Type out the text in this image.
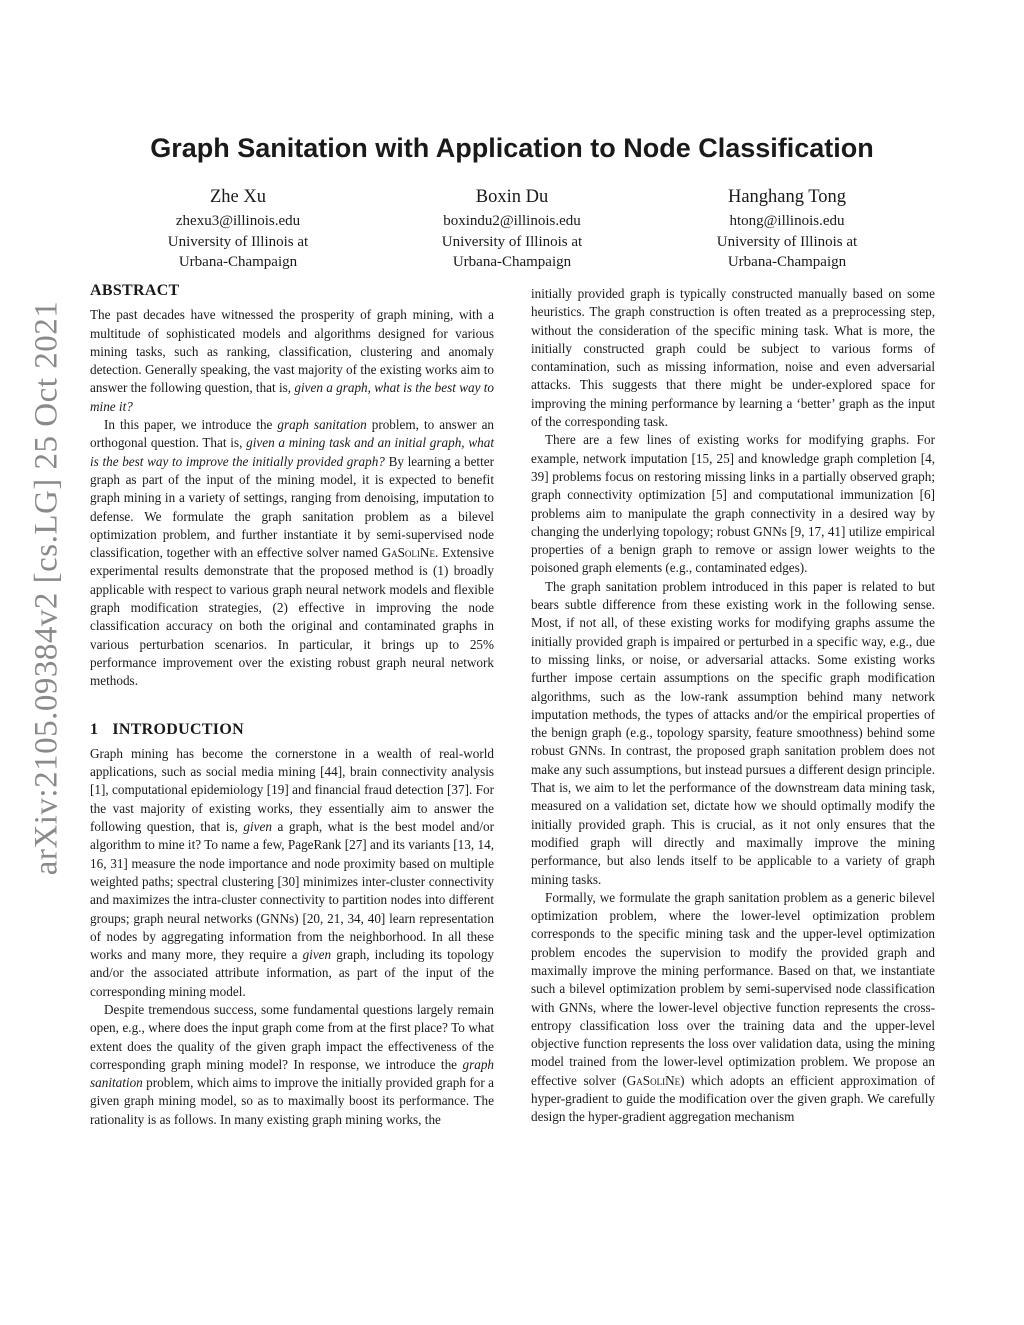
arXiv:2105.09384v2 [cs.LG] 25 Oct 2021
Graph Sanitation with Application to Node Classification
Zhe Xu
zhexu3@illinois.edu
University of Illinois at
Urbana-Champaign
Boxin Du
boxindu2@illinois.edu
University of Illinois at
Urbana-Champaign
Hanghang Tong
htong@illinois.edu
University of Illinois at
Urbana-Champaign
ABSTRACT

The past decades have witnessed the prosperity of graph mining, with a multitude of sophisticated models and algorithms designed for various mining tasks, such as ranking, classification, clustering and anomaly detection. Generally speaking, the vast majority of the existing works aim to answer the following question, that is, given a graph, what is the best way to mine it?

In this paper, we introduce the graph sanitation problem, to answer an orthogonal question. That is, given a mining task and an initial graph, what is the best way to improve the initially provided graph? By learning a better graph as part of the input of the mining model, it is expected to benefit graph mining in a variety of settings, ranging from denoising, imputation to defense. We formulate the graph sanitation problem as a bilevel optimization problem, and further instantiate it by semi-supervised node classification, together with an effective solver named GaSoliNe. Extensive experimental results demonstrate that the proposed method is (1) broadly applicable with respect to various graph neural network models and flexible graph modification strategies, (2) effective in improving the node classification accuracy on both the original and contaminated graphs in various perturbation scenarios. In particular, it brings up to 25% performance improvement over the existing robust graph neural network methods.

1 INTRODUCTION

Graph mining has become the cornerstone in a wealth of real-world applications, such as social media mining [44], brain connectivity analysis [1], computational epidemiology [19] and financial fraud detection [37]. For the vast majority of existing works, they essentially aim to answer the following question, that is, given a graph, what is the best model and/or algorithm to mine it? To name a few, PageRank [27] and its variants [13, 14, 16, 31] measure the node importance and node proximity based on multiple weighted paths; spectral clustering [30] minimizes inter-cluster connectivity and maximizes the intra-cluster connectivity to partition nodes into different groups; graph neural networks (GNNs) [20, 21, 34, 40] learn representation of nodes by aggregating information from the neighborhood. In all these works and many more, they require a given graph, including its topology and/or the associated attribute information, as part of the input of the corresponding mining model.

Despite tremendous success, some fundamental questions largely remain open, e.g., where does the input graph come from at the first place? To what extent does the quality of the given graph impact the effectiveness of the corresponding graph mining model? In response, we introduce the graph sanitation problem, which aims to improve the initially provided graph for a given graph mining model, so as to maximally boost its performance. The rationality is as follows. In many existing graph mining works, the

initially provided graph is typically constructed manually based on some heuristics. The graph construction is often treated as a preprocessing step, without the consideration of the specific mining task. What is more, the initially constructed graph could be subject to various forms of contamination, such as missing information, noise and even adversarial attacks. This suggests that there might be under-explored space for improving the mining performance by learning a ‘better’ graph as the input of the corresponding task.

There are a few lines of existing works for modifying graphs. For example, network imputation [15, 25] and knowledge graph completion [4, 39] problems focus on restoring missing links in a partially observed graph; graph connectivity optimization [5] and computational immunization [6] problems aim to manipulate the graph connectivity in a desired way by changing the underlying topology; robust GNNs [9, 17, 41] utilize empirical properties of a benign graph to remove or assign lower weights to the poisoned graph elements (e.g., contaminated edges).

The graph sanitation problem introduced in this paper is related to but bears subtle difference from these existing work in the following sense. Most, if not all, of these existing works for modifying graphs assume the initially provided graph is impaired or perturbed in a specific way, e.g., due to missing links, or noise, or adversarial attacks. Some existing works further impose certain assumptions on the specific graph modification algorithms, such as the low-rank assumption behind many network imputation methods, the types of attacks and/or the empirical properties of the benign graph (e.g., topology sparsity, feature smoothness) behind some robust GNNs. In contrast, the proposed graph sanitation problem does not make any such assumptions, but instead pursues a different design principle. That is, we aim to let the performance of the downstream data mining task, measured on a validation set, dictate how we should optimally modify the initially provided graph. This is crucial, as it not only ensures that the modified graph will directly and maximally improve the mining performance, but also lends itself to be applicable to a variety of graph mining tasks.

Formally, we formulate the graph sanitation problem as a generic bilevel optimization problem, where the lower-level optimization problem corresponds to the specific mining task and the upper-level optimization problem encodes the supervision to modify the provided graph and maximally improve the mining performance. Based on that, we instantiate such a bilevel optimization problem by semi-supervised node classification with GNNs, where the lower-level objective function represents the cross-entropy classification loss over the training data and the upper-level objective function represents the loss over validation data, using the mining model trained from the lower-level optimization problem. We propose an effective solver (GaSoliNe) which adopts an efficient approximation of hyper-gradient to guide the modification over the given graph. We carefully design the hyper-gradient aggregation mechanism
